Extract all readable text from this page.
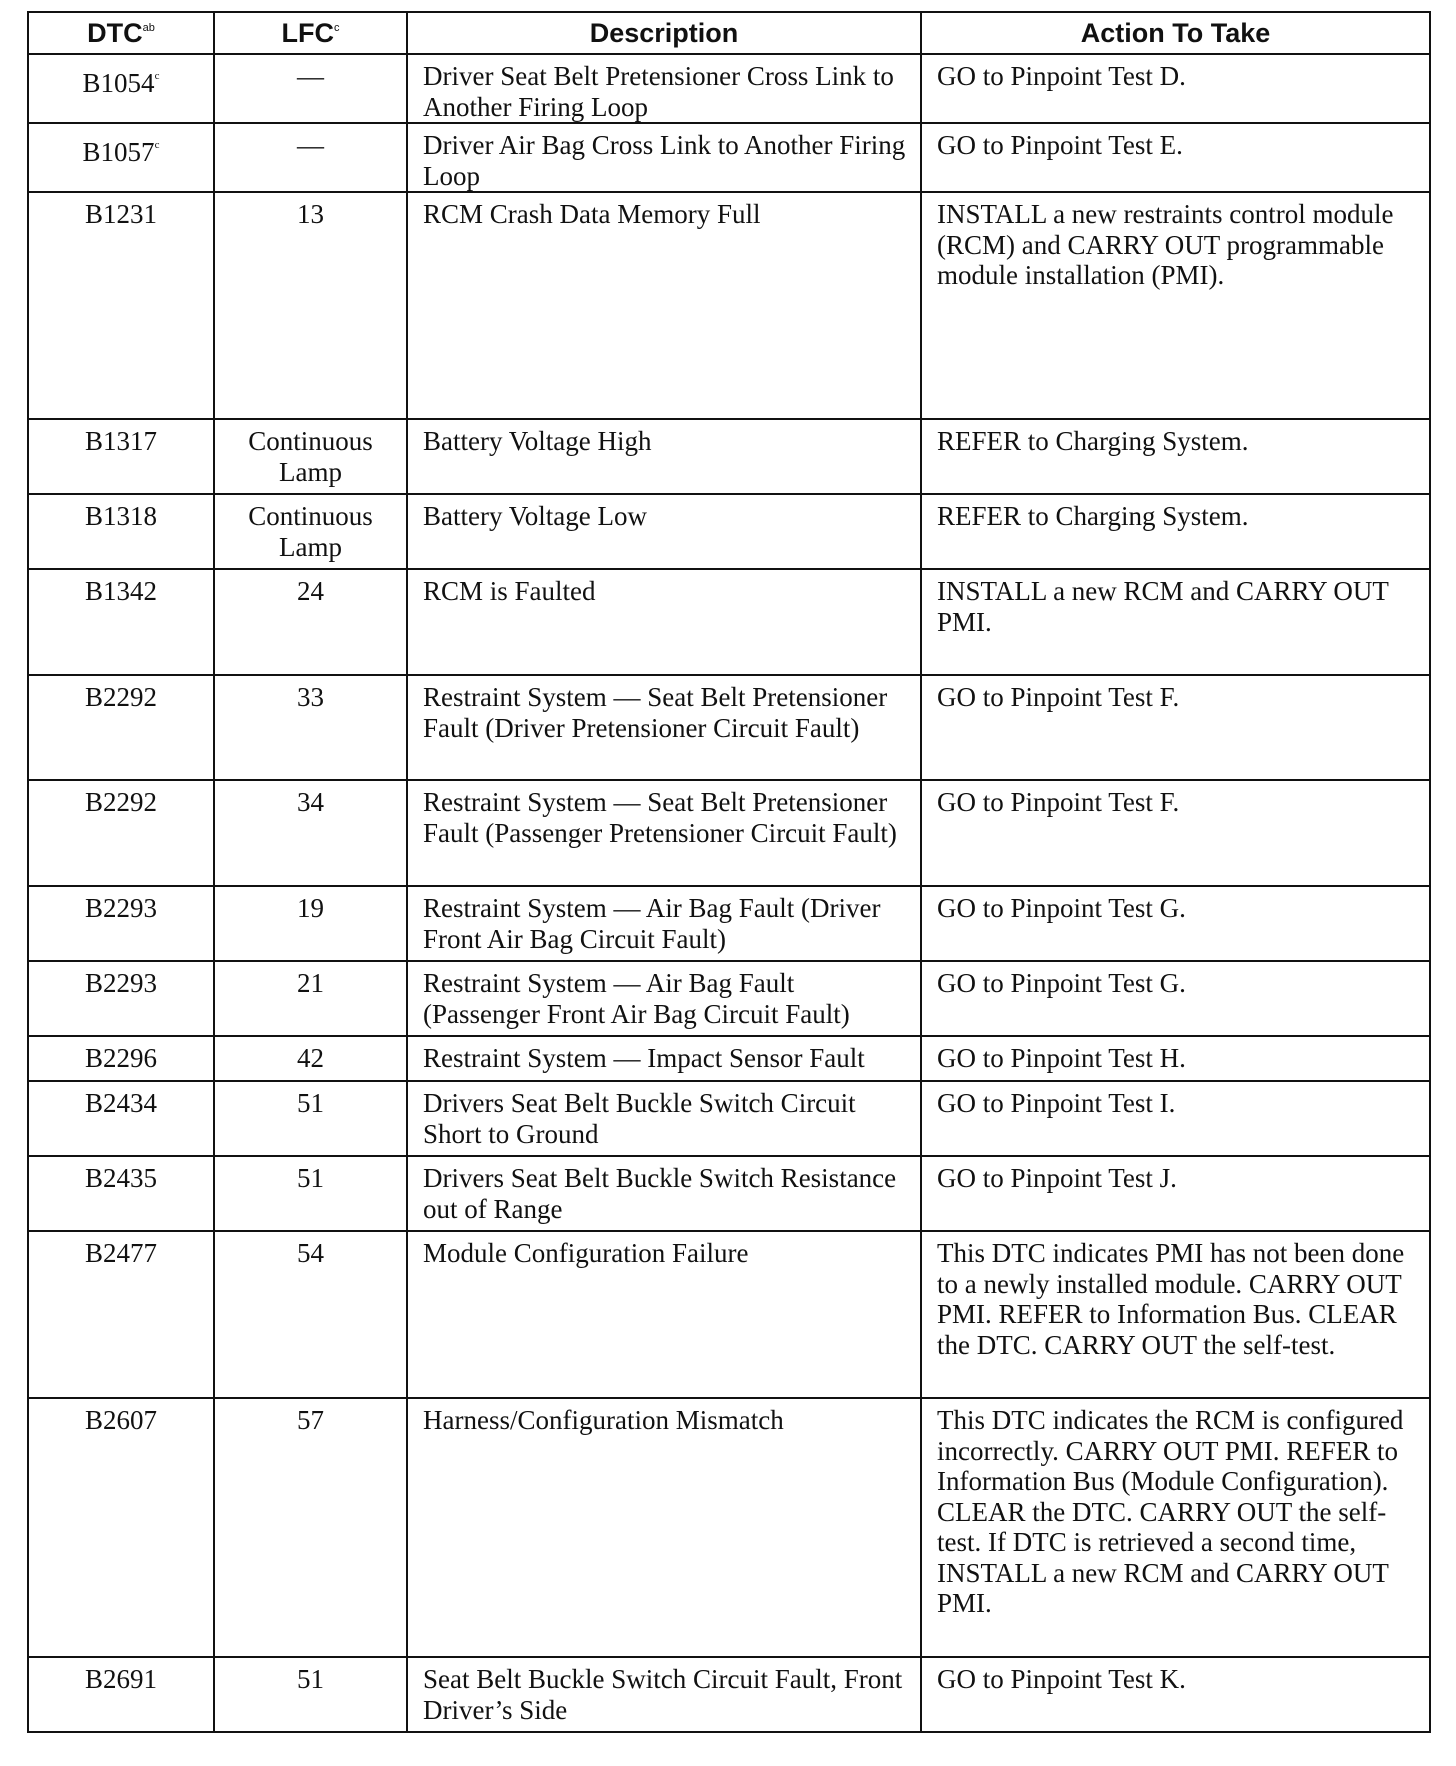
$DTC^{ab}$	LFC$^c$	Description	Action To Take
B1054$^c$	—	Driver Seat Belt Pretensioner Cross Link to Another Firing Loop	GO to Pinpoint Test D.
B1057$^c$	—	Driver Air Bag Cross Link to Another Firing Loop	GO to Pinpoint Test E.
B1231	13	RCM Crash Data Memory Full	INSTALL a new restraints control module (RCM) and CARRY OUT programmable module installation (PMI).
B1317	Continuous Lamp	Battery Voltage High	REFER to Charging System.
B1318	Continuous Lamp	Battery Voltage Low	REFER to Charging System.
B1342	24	RCM is Faulted	INSTALL a new RCM and CARRY OUT PMI.
B2292	33	Restraint System — Seat Belt Pretensioner Fault (Driver Pretensioner Circuit Fault)	GO to Pinpoint Test F.
B2292	34	Restraint System — Seat Belt Pretensioner Fault (Passenger Pretensioner Circuit Fault)	GO to Pinpoint Test F.
B2293	19	Restraint System — Air Bag Fault (Driver Front Air Bag Circuit Fault)	GO to Pinpoint Test G.
B2293	21	Restraint System — Air Bag Fault (Passenger Front Air Bag Circuit Fault)	GO to Pinpoint Test G.
B2296	42	Restraint System — Impact Sensor Fault	GO to Pinpoint Test H.
B2434	51	Drivers Seat Belt Buckle Switch Circuit Short to Ground	GO to Pinpoint Test I.
B2435	51	Drivers Seat Belt Buckle Switch Resistance out of Range	GO to Pinpoint Test J.
B2477	54	Module Configuration Failure	This DTC indicates PMI has not been done to a newly installed module. CARRY OUT PMI. REFER to Information Bus. CLEAR the DTC. CARRY OUT the self-test.
B2607	57	Harness/Configuration Mismatch	This DTC indicates the RCM is configured incorrectly. CARRY OUT PMI. REFER to Information Bus (Module Configuration). CLEAR the DTC. CARRY OUT the self-test. If DTC is retrieved a second time, INSTALL a new RCM and CARRY OUT PMI.
B2691	51	Seat Belt Buckle Switch Circuit Fault, Front Driver’s Side	GO to Pinpoint Test K.
